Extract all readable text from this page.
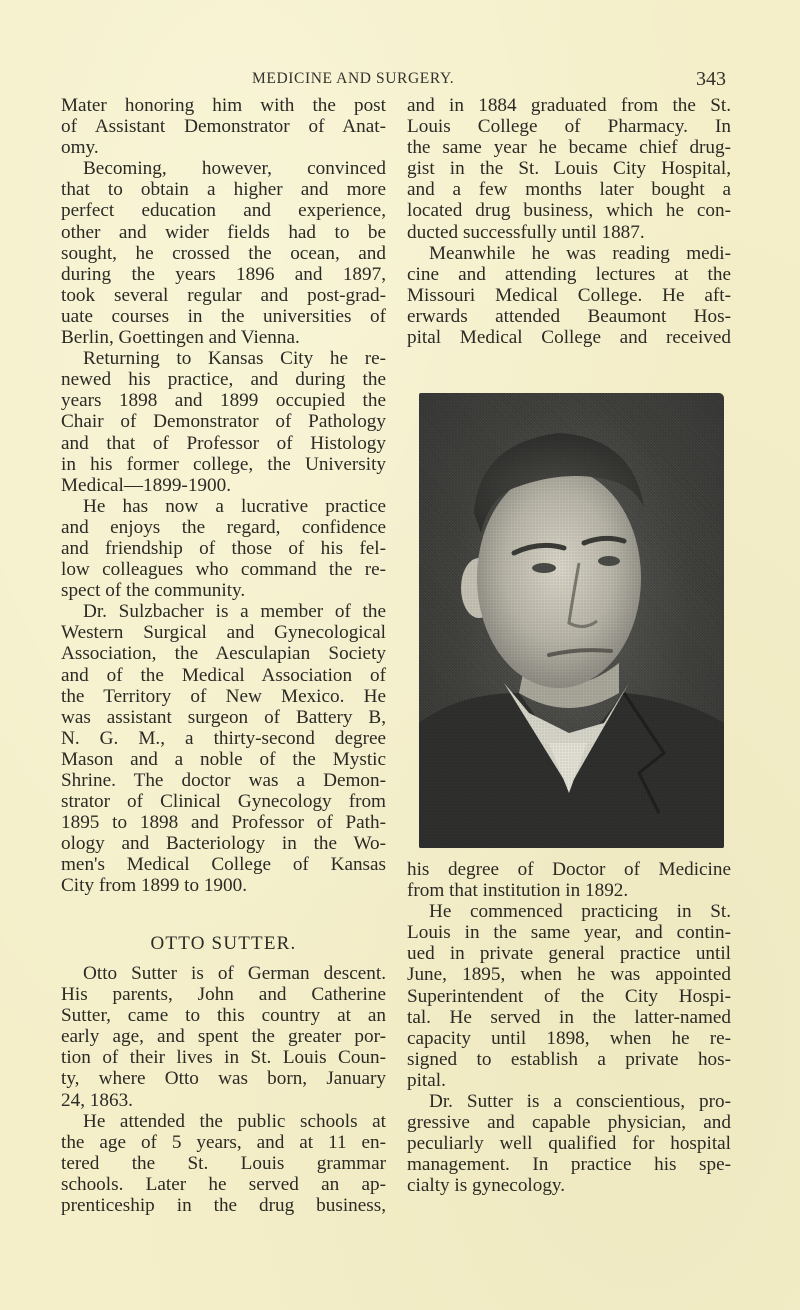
MEDICINE AND SURGERY.	343
Mater honoring him with the post
of Assistant Demonstrator of Anat-
omy.
Becoming, however, convinced
that to obtain a higher and more
perfect education and experience,
other and wider fields had to be
sought, he crossed the ocean, and
during the years 1896 and 1897,
took several regular and post-grad-
uate courses in the universities of
Berlin, Goettingen and Vienna.
Returning to Kansas City he re-
newed his practice, and during the
years 1898 and 1899 occupied the
Chair of Demonstrator of Pathology
and that of Professor of Histology
in his former college, the University
Medical—1899-1900.
He has now a lucrative practice
and enjoys the regard, confidence
and friendship of those of his fel-
low colleagues who command the re-
spect of the community.
Dr. Sulzbacher is a member of the
Western Surgical and Gynecological
Association, the Aesculapian Society
and of the Medical Association of
the Territory of New Mexico. He
was assistant surgeon of Battery B,
N. G. M., a thirty-second degree
Mason and a noble of the Mystic
Shrine. The doctor was a Demon-
strator of Clinical Gynecology from
1895 to 1898 and Professor of Path-
ology and Bacteriology in the Wo-
men's Medical College of Kansas
City from 1899 to 1900.
OTTO SUTTER.
Otto Sutter is of German descent.
His parents, John and Catherine
Sutter, came to this country at an
early age, and spent the greater por-
tion of their lives in St. Louis Coun-
ty, where Otto was born, January
24, 1863.
He attended the public schools at
the age of 5 years, and at 11 en-
tered the St. Louis grammar
schools. Later he served an ap-
prenticeship in the drug business,
and in 1884 graduated from the St.
Louis College of Pharmacy. In
the same year he became chief drug-
gist in the St. Louis City Hospital,
and a few months later bought a
located drug business, which he con-
ducted successfully until 1887.
Meanwhile he was reading medi-
cine and attending lectures at the
Missouri Medical College. He aft-
erwards attended Beaumont Hos-
pital Medical College and received
his degree of Doctor of Medicine
from that institution in 1892.
He commenced practicing in St.
Louis in the same year, and contin-
ued in private general practice until
June, 1895, when he was appointed
Superintendent of the City Hospi-
tal. He served in the latter-named
capacity until 1898, when he re-
signed to establish a private hos-
pital.
Dr. Sutter is a conscientious, pro-
gressive and capable physician, and
peculiarly well qualified for hospital
management. In practice his spe-
cialty is gynecology.
